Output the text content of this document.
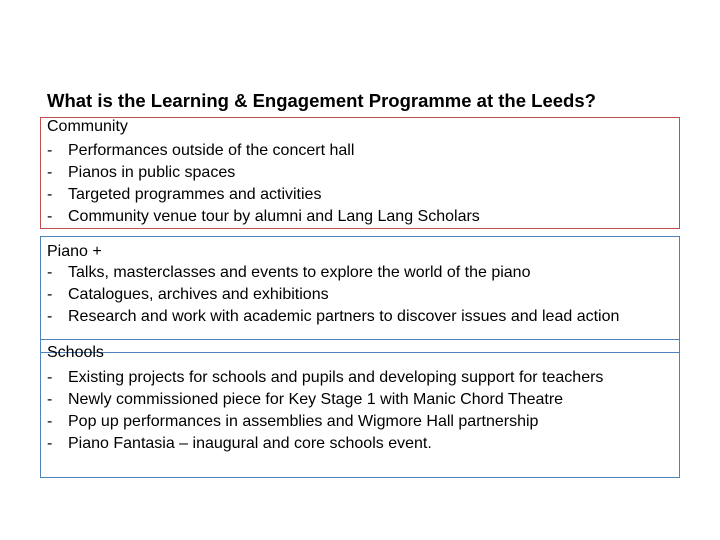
What is the Learning & Engagement Programme at the Leeds?

Community

- Performances outside of the concert hall
- Pianos in public spaces
- Targeted programmes and activities
- Community venue tour by alumni and Lang Lang Scholars

Piano +

- Talks, masterclasses and events to explore the world of the piano
- Catalogues, archives and exhibitions
- Research and work with academic partners to discover issues and lead action

Schools

- Existing projects for schools and pupils and developing support for teachers
- Newly commissioned piece for Key Stage 1 with Manic Chord Theatre
- Pop up performances in assemblies and Wigmore Hall partnership
- Piano Fantasia – inaugural and core schools event.
